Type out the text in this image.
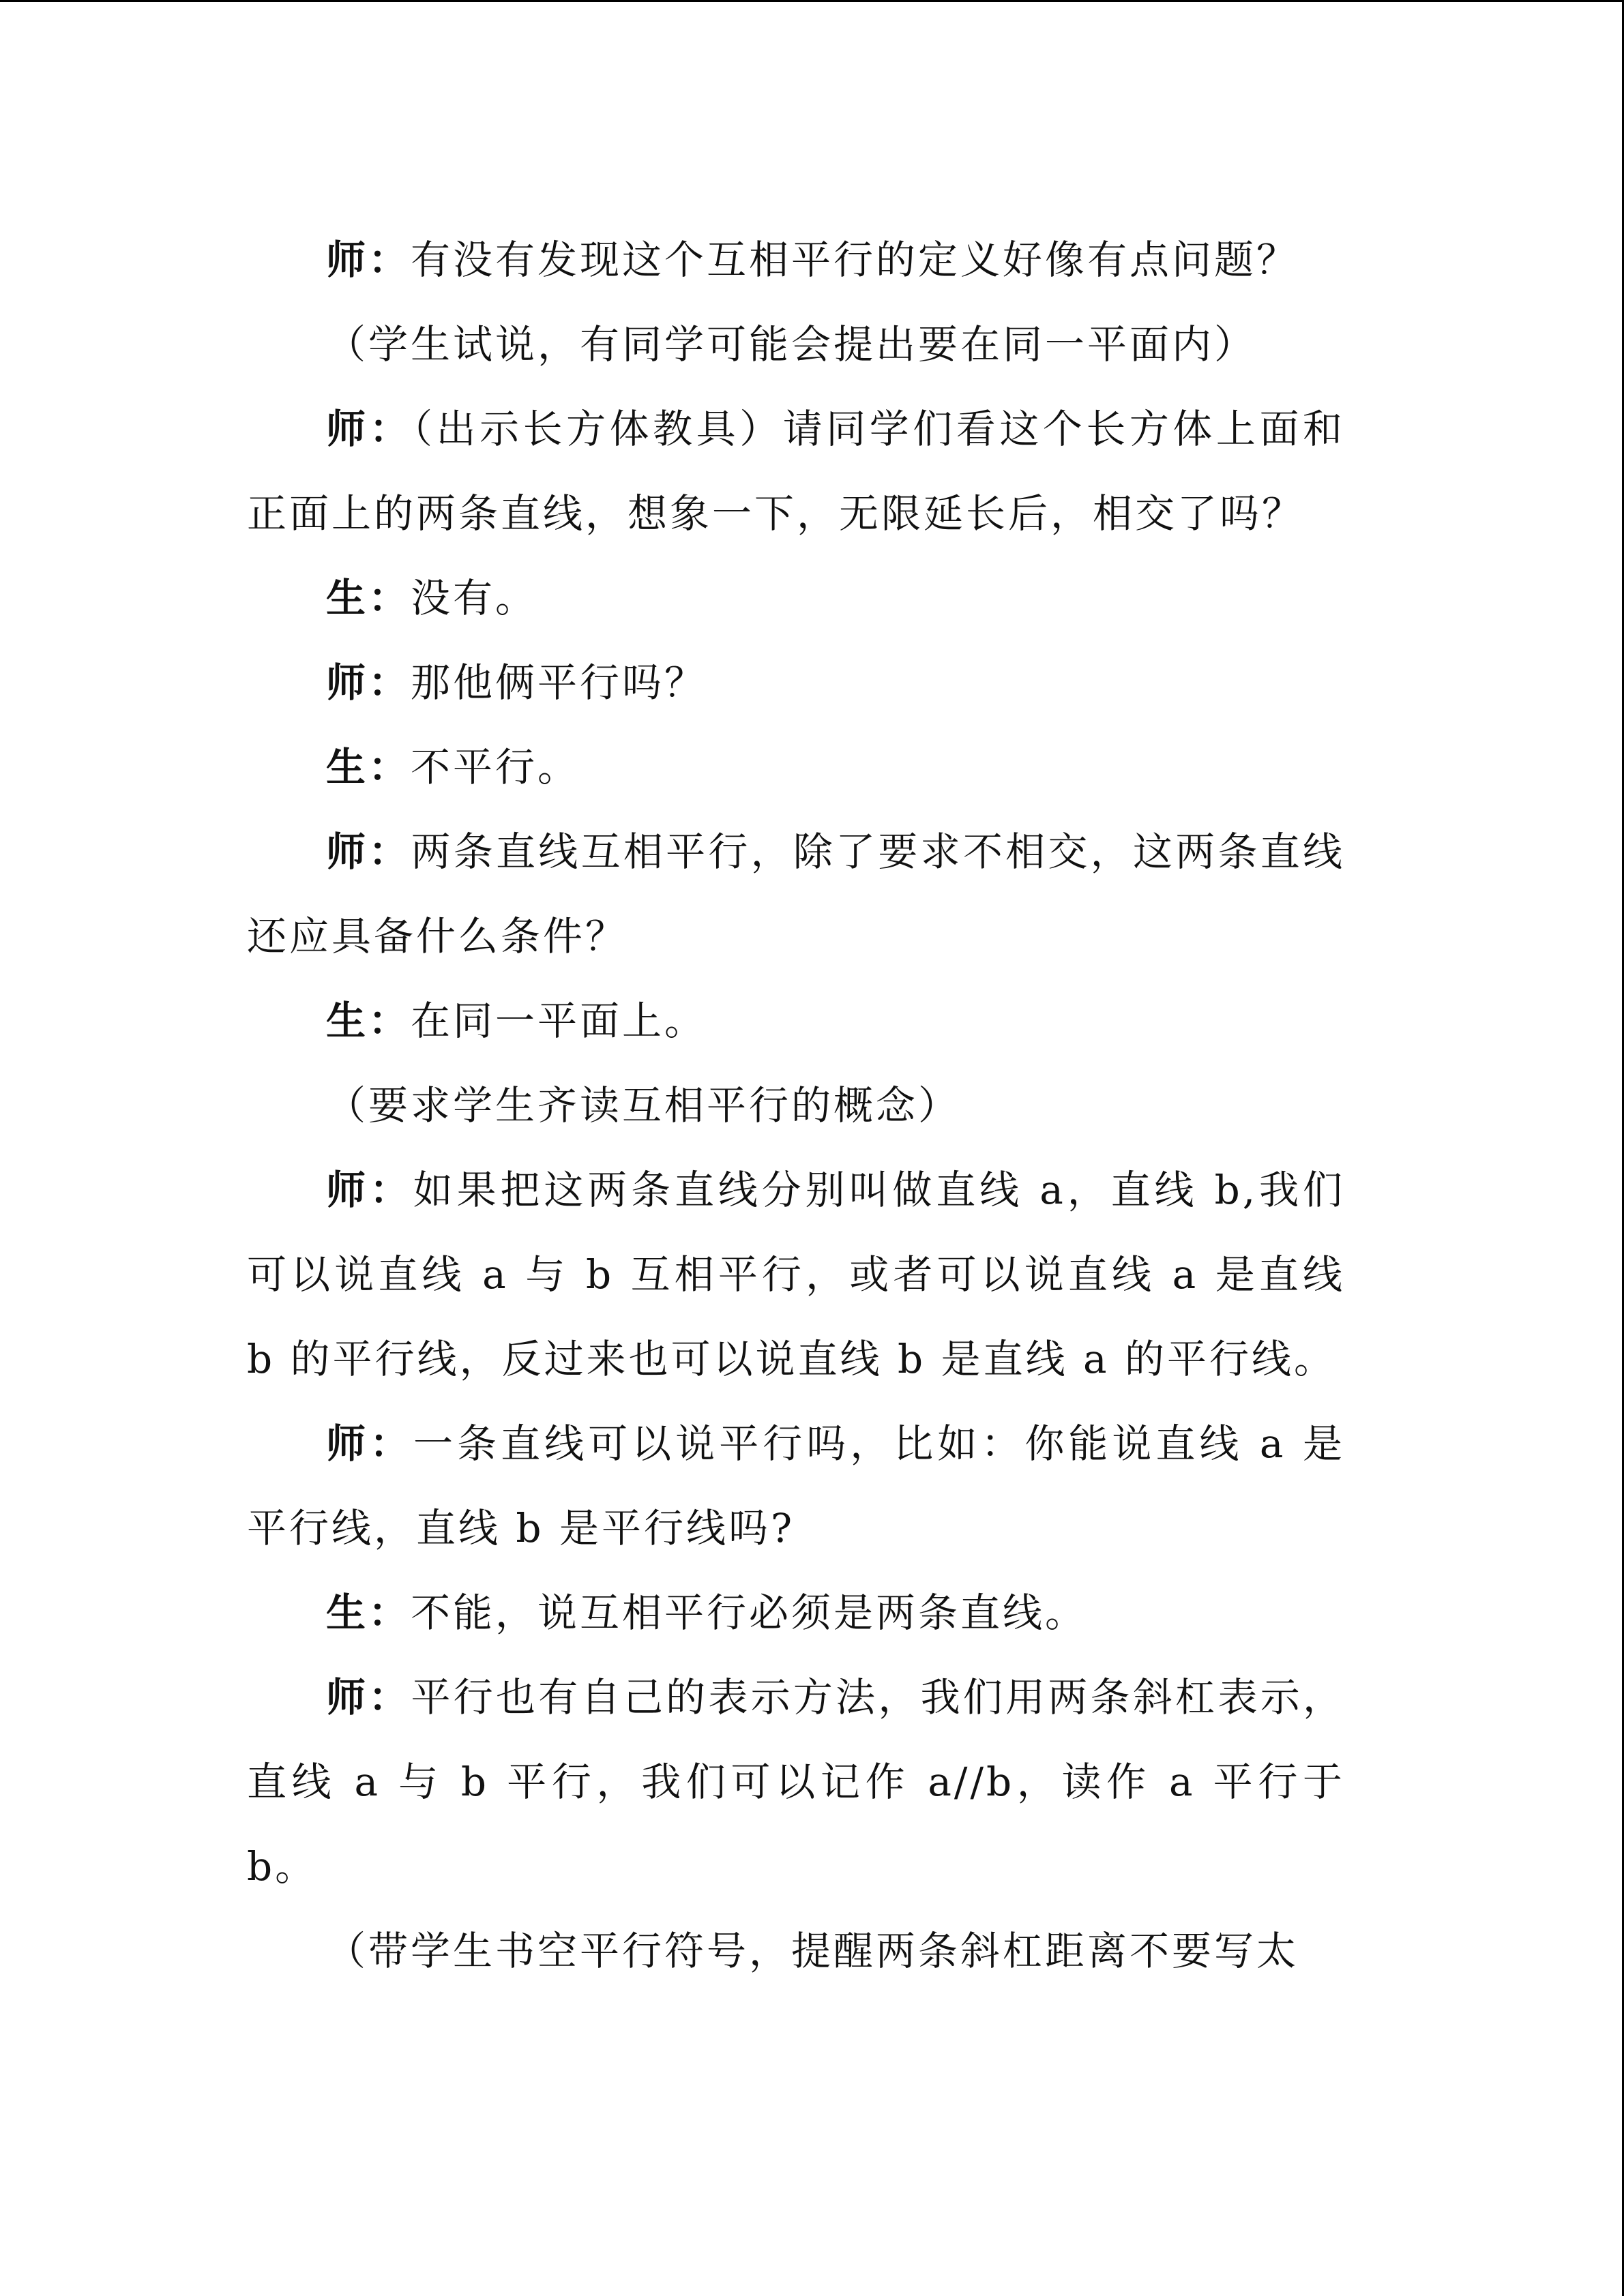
师：有没有发现这个互相平行的定义好像有点问题？

（学生试说，有同学可能会提出要在同一平面内）

师：（出示长方体教具）请同学们看这个长方体上面和正面上的两条直线，想象一下，无限延长后，相交了吗？

生：没有。

师：那他俩平行吗？

生：不平行。

师：两条直线互相平行，除了要求不相交，这两条直线还应具备什么条件？

生：在同一平面上。

（要求学生齐读互相平行的概念）

师：如果把这两条直线分别叫做直线 a，直线 b,我们可以说直线 a 与 b 互相平行，或者可以说直线 a 是直线 b 的平行线，反过来也可以说直线 b 是直线 a 的平行线。

师：一条直线可以说平行吗，比如：你能说直线 a 是平行线，直线 b 是平行线吗?

生：不能，说互相平行必须是两条直线。

师：平行也有自己的表示方法，我们用两条斜杠表示，直线 a 与 b 平行，我们可以记作 a//b，读作 a 平行于 b。

（带学生书空平行符号，提醒两条斜杠距离不要写太
